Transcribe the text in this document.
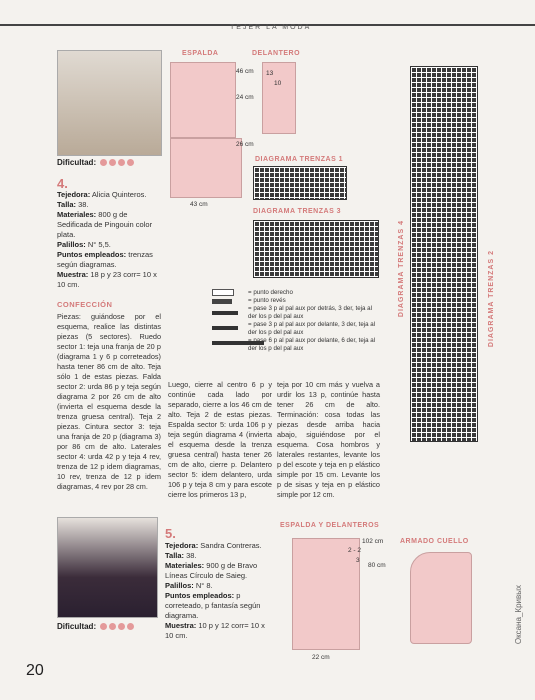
TEJER LA MODA
Dificultad:
4.
Tejedora: Alicia Quinteros.
Talla: 38.
Materiales: 800 g de Sedificada de Pingouin color plata.
Palillos: N° 5,5.
Puntos empleados: trenzas según diagramas.
Muestra: 18 p y 23 corr= 10 x 10 cm.
CONFECCIÓN
Piezas: guiándose por el esquema, realice las distintas piezas (5 sectores). Ruedo sector 1: teja una franja de 20 p (diagrama 1 y 6 p correteados) hasta tener 86 cm de alto. Teja sólo 1 de estas piezas. Falda sector 2: urda 86 p y teja según diagrama 2 por 26 cm de alto (invierta el esquema desde la trenza gruesa central). Teja 2 piezas. Cintura sector 3: teja una franja de 20 p (diagrama 3) por 86 cm de alto. Laterales sector 4: urda 42 p y teja 4 rev, trenza de 12 p idem diagramas, 10 rev, trenza de 12 p idem diagramas, 4 rev por 28 cm.
Luego, cierre al centro 6 p y continúe cada lado por separado, cierre a los 46 cm de alto. Teja 2 de estas piezas. Espalda sector 5: urda 106 p y teja según diagrama 4 (invierta el esquema desde la trenza gruesa central) hasta tener 26 cm de alto, cierre p. Delantero sector 5: idem delantero, urda 106 p y teja 8 cm y para escote cierre los primeros 13 p,
teja por 10 cm más y vuelva a urdir los 13 p, continúe hasta tener 26 cm de alto. Terminación: cosa todas las piezas desde arriba hacia abajo, siguiéndose por el esquema. Cosa hombros y laterales restantes, levante los p del escote y teja en p elástico simple por 15 cm. Levante los p de sisas y teja en p elástico simple por 12 cm.
ESPALDA	DELANTERO
46 cm
24 cm
26 cm
43 cm
13
10
DIAGRAMA TRENZAS 1
DIAGRAMA TRENZAS 3
= punto derecho
= punto revés
= pase 3 p al pal aux por detrás, 3 der, teja al der los p del pal aux
= pase 3 p al pal aux por delante, 3 der, teja al der los p del pal aux
= pase 6 p al pal aux por delante, 6 der, teja al der los p del pal aux
DIAGRAMA TRENZAS 4	DIAGRAMA TRENZAS 2
Dificultad:
5.
Tejedora: Sandra Contreras.
Talla: 38.
Materiales: 900 g de Bravo Líneas Círculo de Saieg.
Palillos: N° 8.
Puntos empleados: p correteado, p fantasía según diagrama.
Muestra: 10 p y 12 corr= 10 x 10 cm.
ESPALDA Y DELANTEROS
102 cm
2 - 2
3
80 cm
22 cm
ARMADO CUELLO
20
Оксана_Кривых
